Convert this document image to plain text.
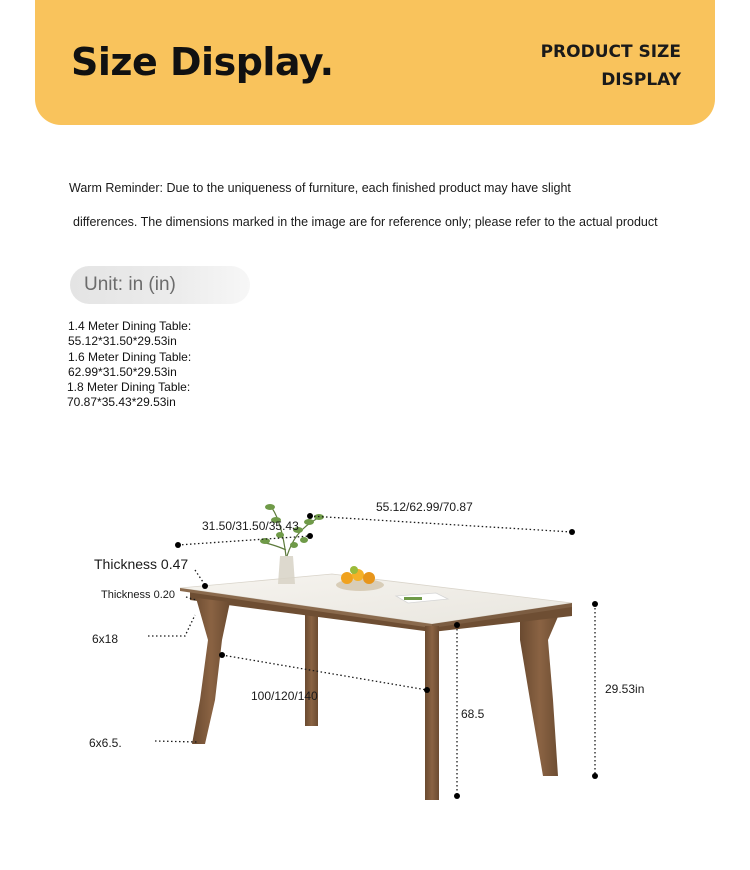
Size Display.	PRODUCT SIZE
DISPLAY
Warm Reminder: Due to the uniqueness of furniture, each finished product may have slight
differences. The dimensions marked in the image are for reference only; please refer to the actual product
Unit: in (in)
1.4 Meter Dining Table:
55.12*31.50*29.53in
1.6 Meter Dining Table:
62.99*31.50*29.53in
1.8 Meter Dining Table:
70.87*35.43*29.53in
55.12/62.99/70.87
31.50/31.50/35.43
Thickness 0.47
Thickness 0.20
6x18
100/120/140
68.5
29.53in
6x6.5.
